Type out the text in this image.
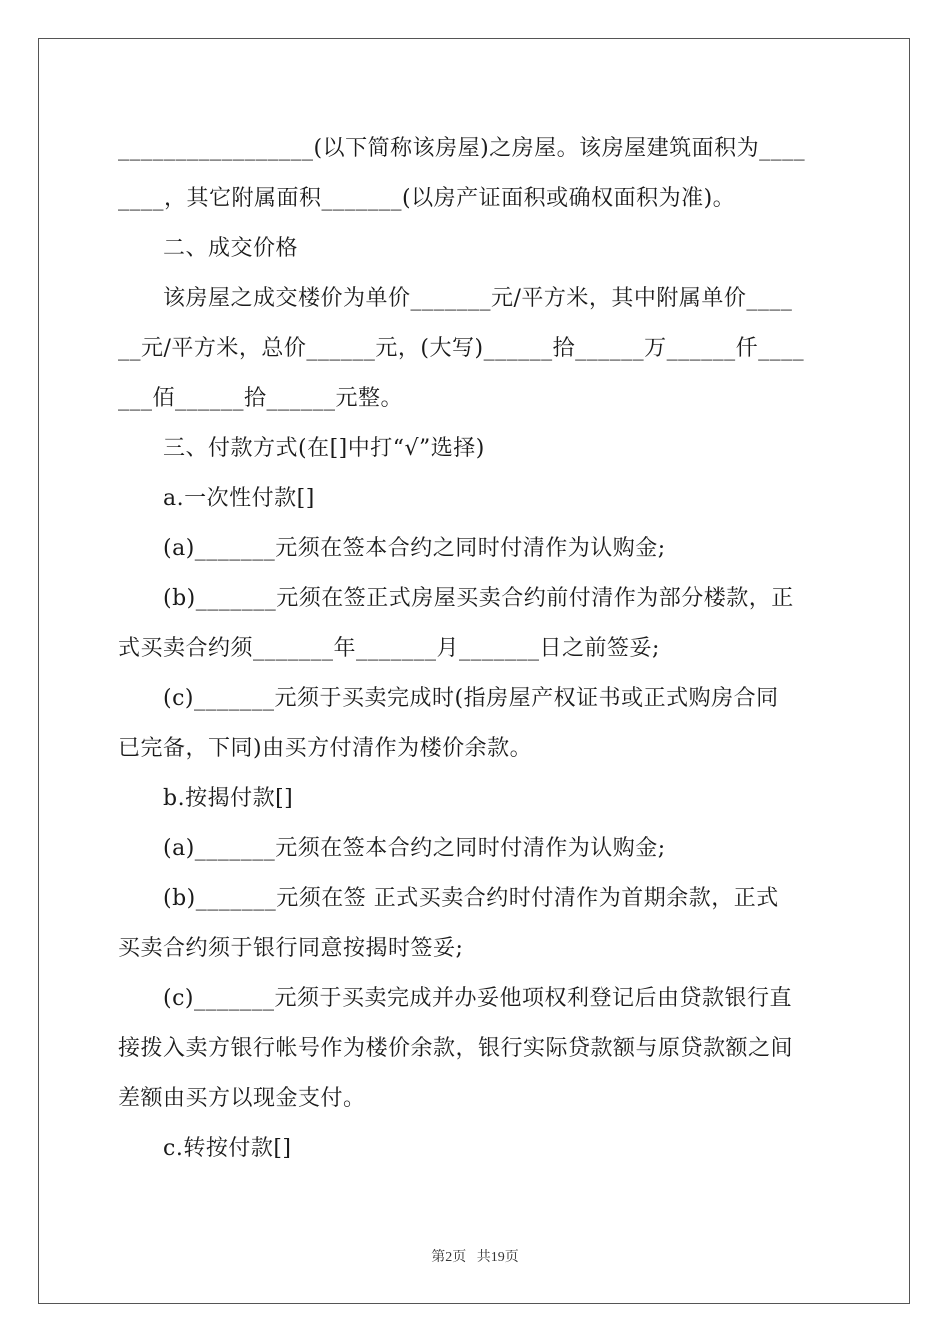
_________________(以下简称该房屋)之房屋。该房屋建筑面积为____
____，其它附属面积_______(以房产证面积或确权面积为准)。
二、成交价格
该房屋之成交楼价为单价_______元/平方米，其中附属单价____
__元/平方米，总价______元，(大写)______拾______万______仟____
___佰______拾______元整。
三、付款方式(在[]中打“√”选择)
a.一次性付款[]
(a)_______元须在签本合约之同时付清作为认购金;
(b)_______元须在签正式房屋买卖合约前付清作为部分楼款，正
式买卖合约须_______年_______月_______日之前签妥;
(c)_______元须于买卖完成时(指房屋产权证书或正式购房合同
已完备，下同)由买方付清作为楼价余款。
b.按揭付款[]
(a)_______元须在签本合约之同时付清作为认购金;
(b)_______元须在签 正式买卖合约时付清作为首期余款，正式
买卖合约须于银行同意按揭时签妥;
(c)_______元须于买卖完成并办妥他项权利登记后由贷款银行直
接拨入卖方银行帐号作为楼价余款，银行实际贷款额与原贷款额之间
差额由买方以现金支付。
c.转按付款[]
第2页 共19页
